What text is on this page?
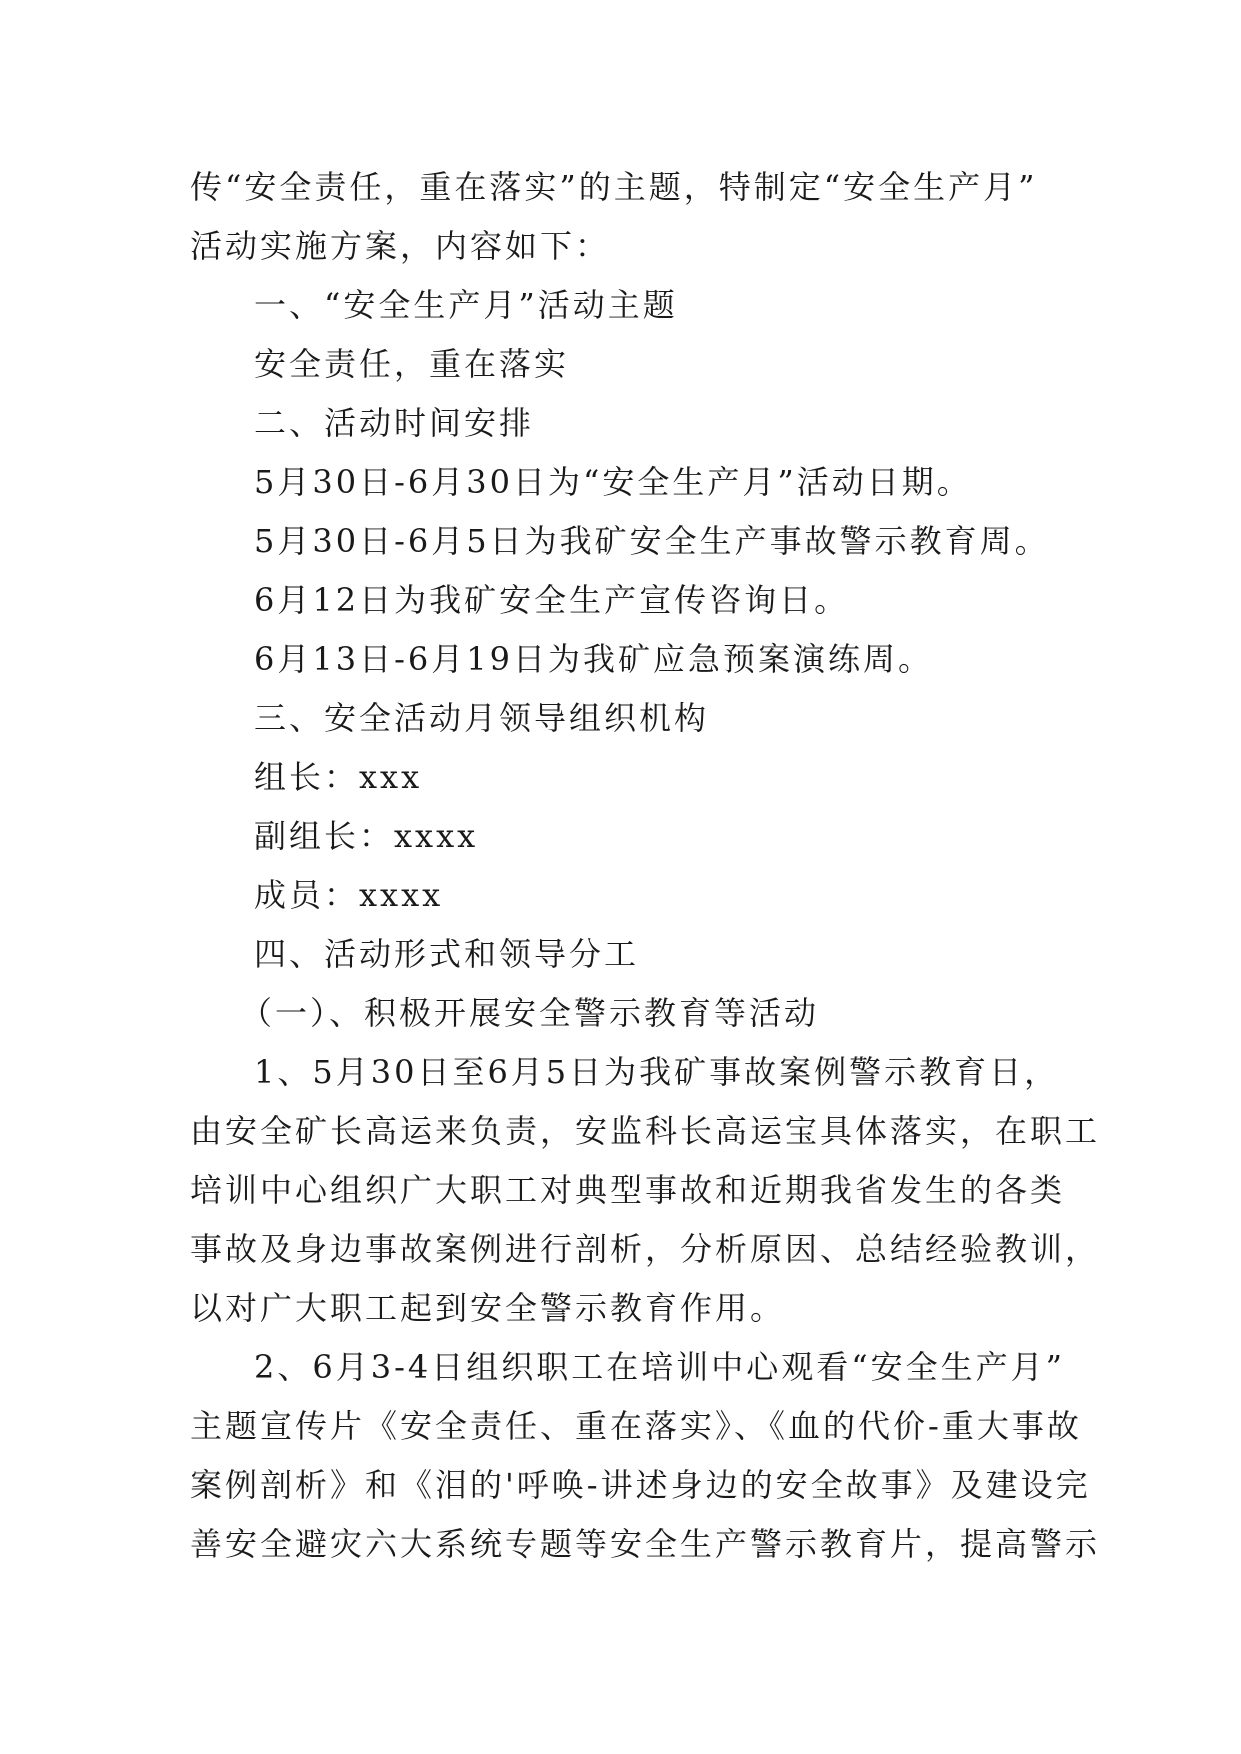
传“安全责任，重在落实”的主题，特制定“安全生产月”

活动实施方案，内容如下：

一、“安全生产月”活动主题

安全责任，重在落实

二、活动时间安排

5月30日-6月30日为“安全生产月”活动日期。

5月30日-6月5日为我矿安全生产事故警示教育周。

6月12日为我矿安全生产宣传咨询日。

6月13日-6月19日为我矿应急预案演练周。

三、安全活动月领导组织机构

组长：xxx

副组长：xxxx

成员：xxxx

四、活动形式和领导分工

（一）、积极开展安全警示教育等活动

1、5月30日至6月5日为我矿事故案例警示教育日，

由安全矿长高运来负责，安监科长高运宝具体落实，在职工

培训中心组织广大职工对典型事故和近期我省发生的各类

事故及身边事故案例进行剖析，分析原因、总结经验教训，

以对广大职工起到安全警示教育作用。

2、6月3-4日组织职工在培训中心观看“安全生产月”

主题宣传片《安全责任、重在落实》、《血的代价-重大事故

案例剖析》和《泪的'呼唤-讲述身边的安全故事》及建设完

善安全避灾六大系统专题等安全生产警示教育片，提高警示
